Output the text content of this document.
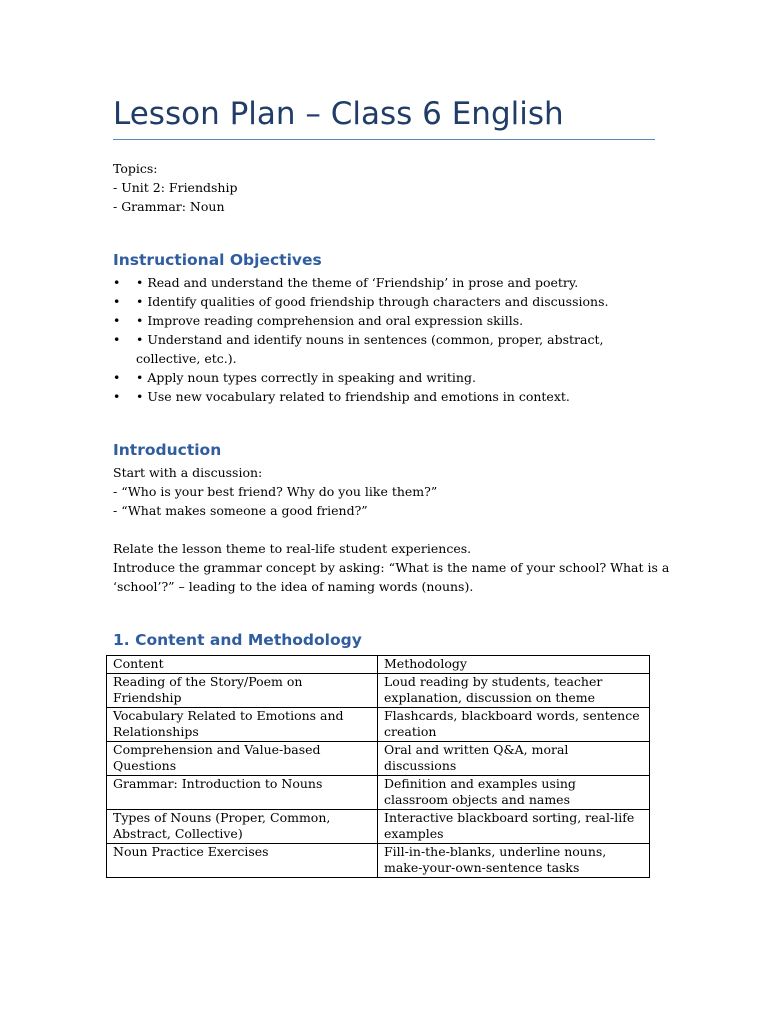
Lesson Plan – Class 6 English
Topics:
- Unit 2: Friendship
- Grammar: Noun
Instructional Objectives
• • Read and understand the theme of ‘Friendship’ in prose and poetry.
• • Identify qualities of good friendship through characters and discussions.
• • Improve reading comprehension and oral expression skills.
• • Understand and identify nouns in sentences (common, proper, abstract, collective, etc.).
• • Apply noun types correctly in speaking and writing.
• • Use new vocabulary related to friendship and emotions in context.
Introduction
Start with a discussion:
- “Who is your best friend? Why do you like them?”
- “What makes someone a good friend?”
Relate the lesson theme to real-life student experiences.
Introduce the grammar concept by asking: “What is the name of your school? What is a
‘school’?” – leading to the idea of naming words (nouns).
1. Content and Methodology
Content	Methodology
Reading of the Story/Poem on Friendship	Loud reading by students, teacher explanation, discussion on theme
Vocabulary Related to Emotions and Relationships	Flashcards, blackboard words, sentence creation
Comprehension and Value-based Questions	Oral and written Q&A, moral discussions
Grammar: Introduction to Nouns	Definition and examples using classroom objects and names
Types of Nouns (Proper, Common, Abstract, Collective)	Interactive blackboard sorting, real-life examples
Noun Practice Exercises	Fill-in-the-blanks, underline nouns, make-your-own-sentence tasks
